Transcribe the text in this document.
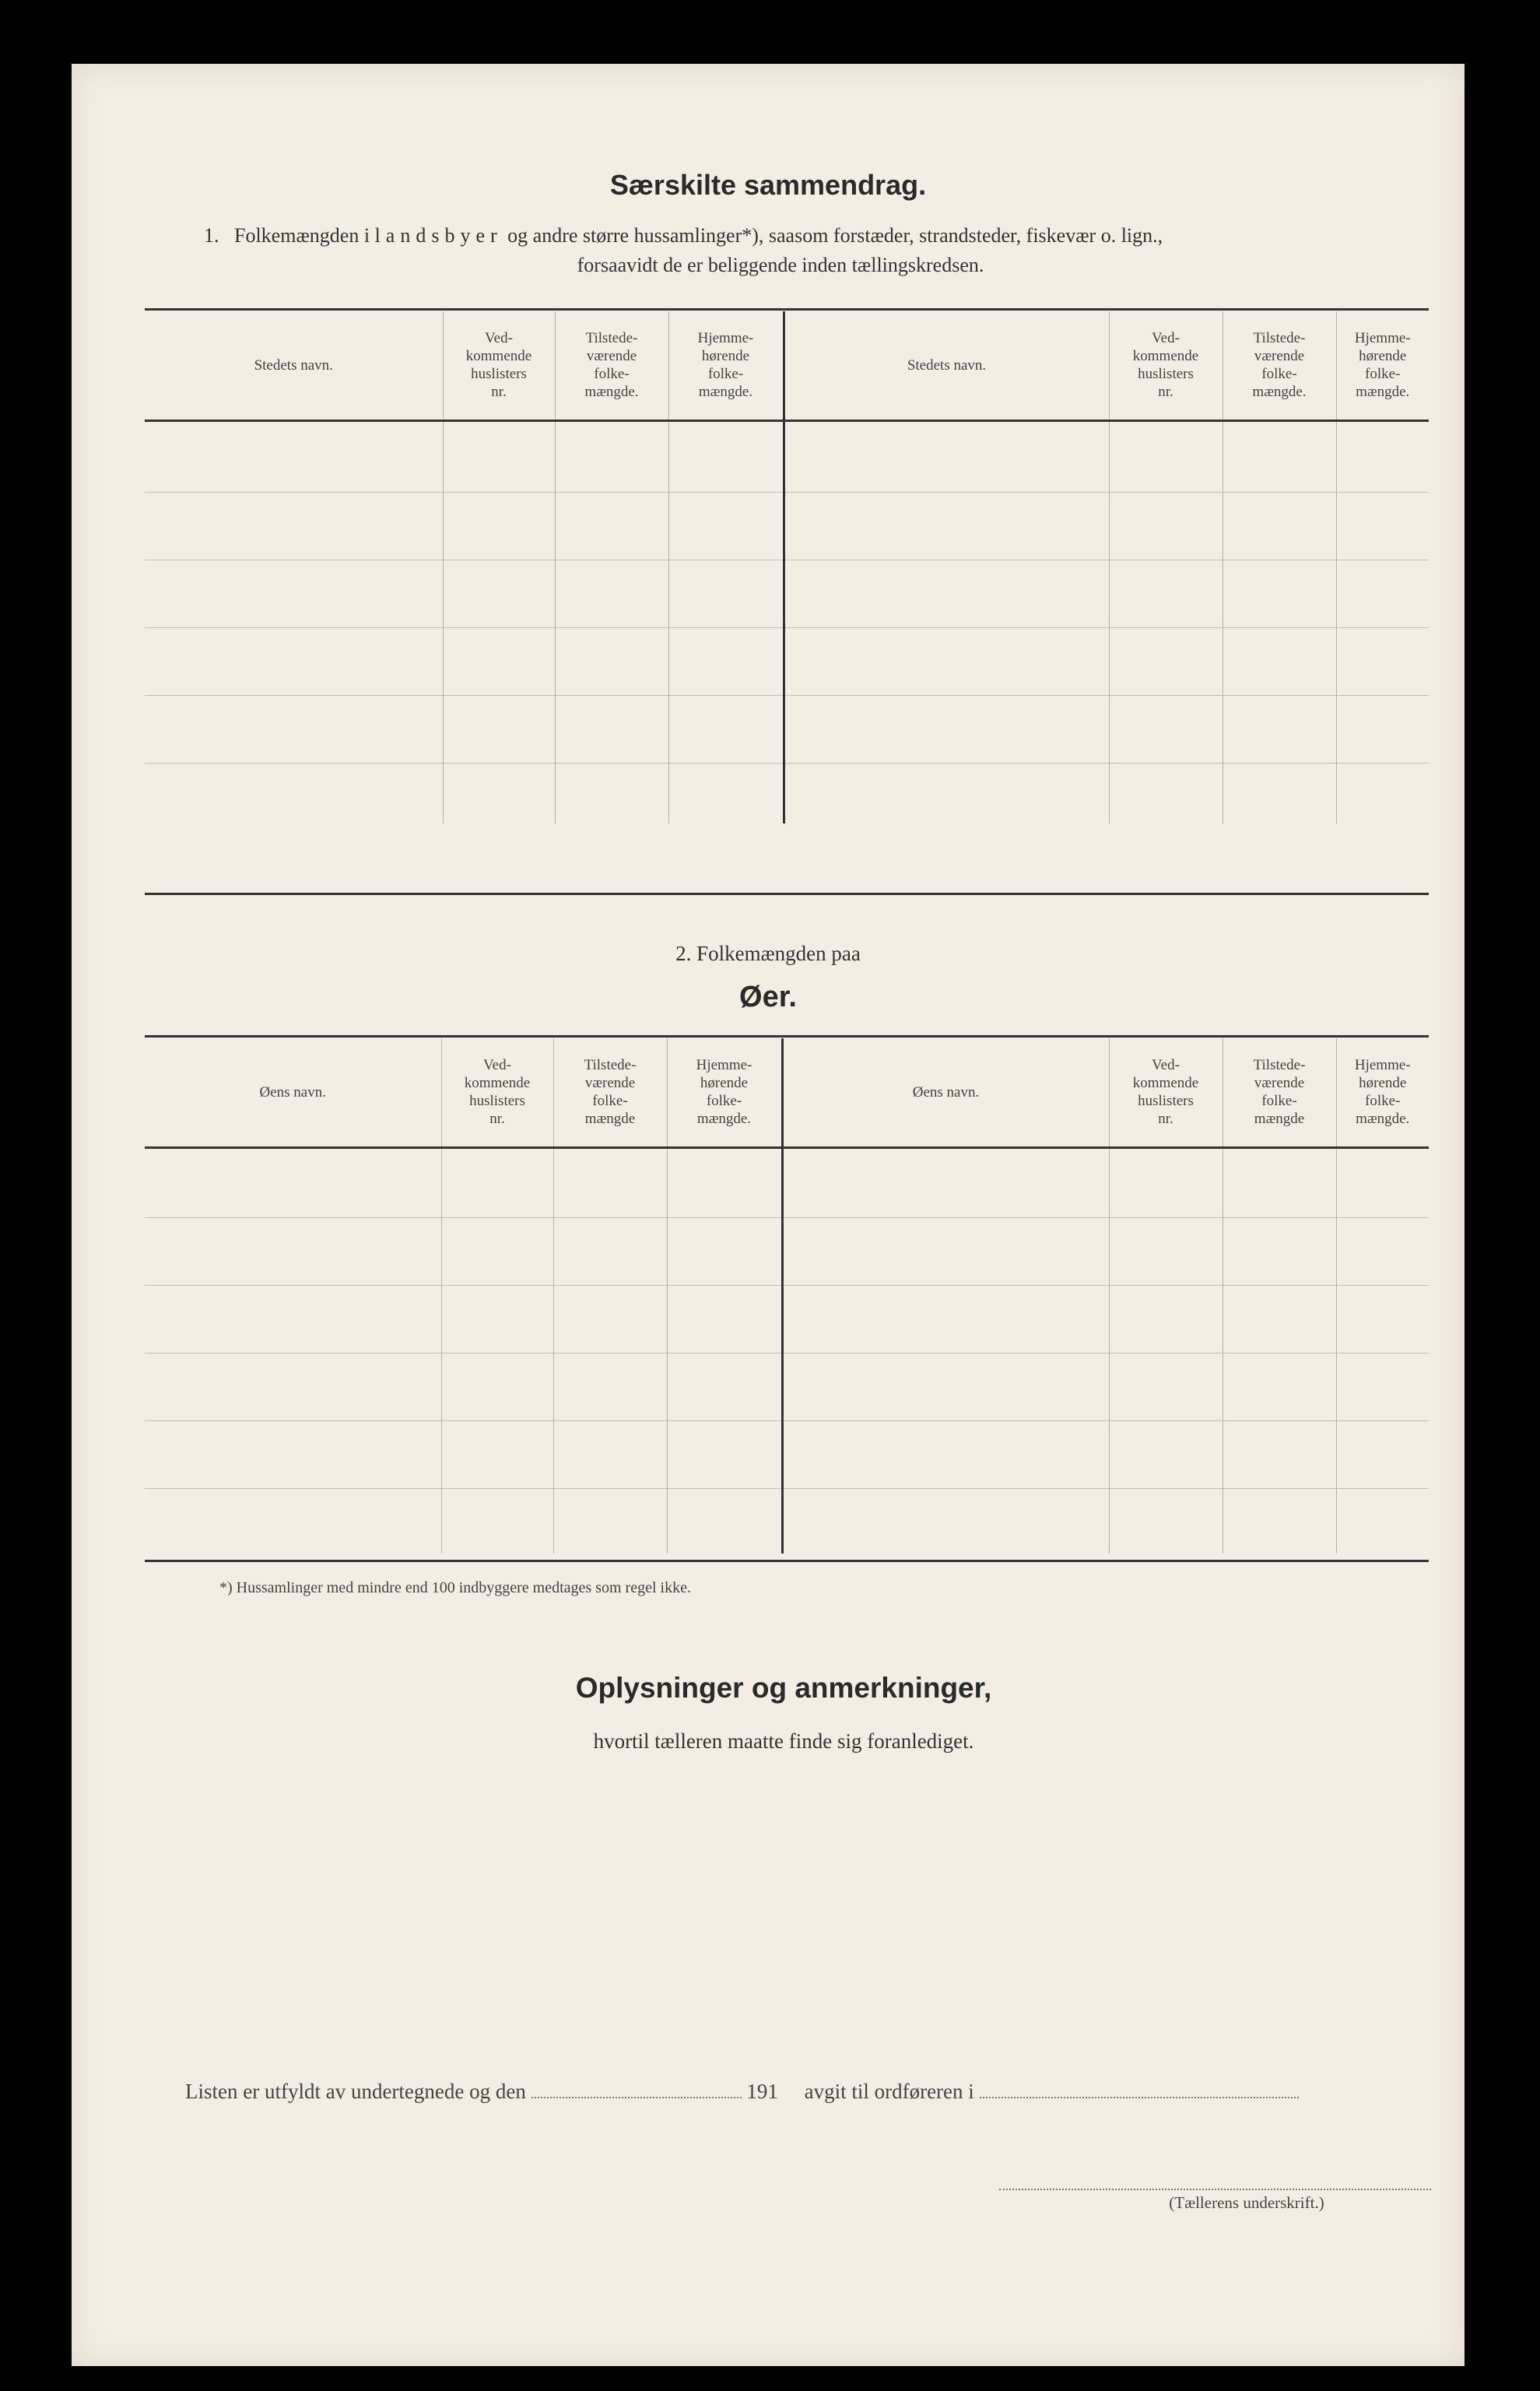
Særskilte sammendrag.
1. Folkemængden i landsbyer og andre større hussamlinger*), saasom forstæder, strandsteder, fiskevær o. lign.,
forsaavidt de er beliggende inden tællingskredsen.
Stedets navn.	Ved-
kommende
huslisters
nr.	Tilstede-
værende
folke-
mængde.	Hjemme-
hørende
folke-
mængde.	Stedets navn.	Ved-
kommende
huslisters
nr.	Tilstede-
værende
folke-
mængde.	Hjemme-
hørende
folke-
mængde.

2. Folkemængden paa
Øer.
Øens navn.	Ved-
kommende
huslisters
nr.	Tilstede-
værende
folke-
mængde	Hjemme-
hørende
folke-
mængde.	Øens navn.	Ved-
kommende
huslisters
nr.	Tilstede-
værende
folke-
mængde	Hjemme-
hørende
folke-
mængde.

*) Hussamlinger med mindre end 100 indbyggere medtages som regel ikke.
Oplysninger og anmerkninger,
hvortil tælleren maatte finde sig foranlediget.
Listen er utfyldt av undertegnede og den	191 avgit til ordføreren i
(Tællerens underskrift.)
